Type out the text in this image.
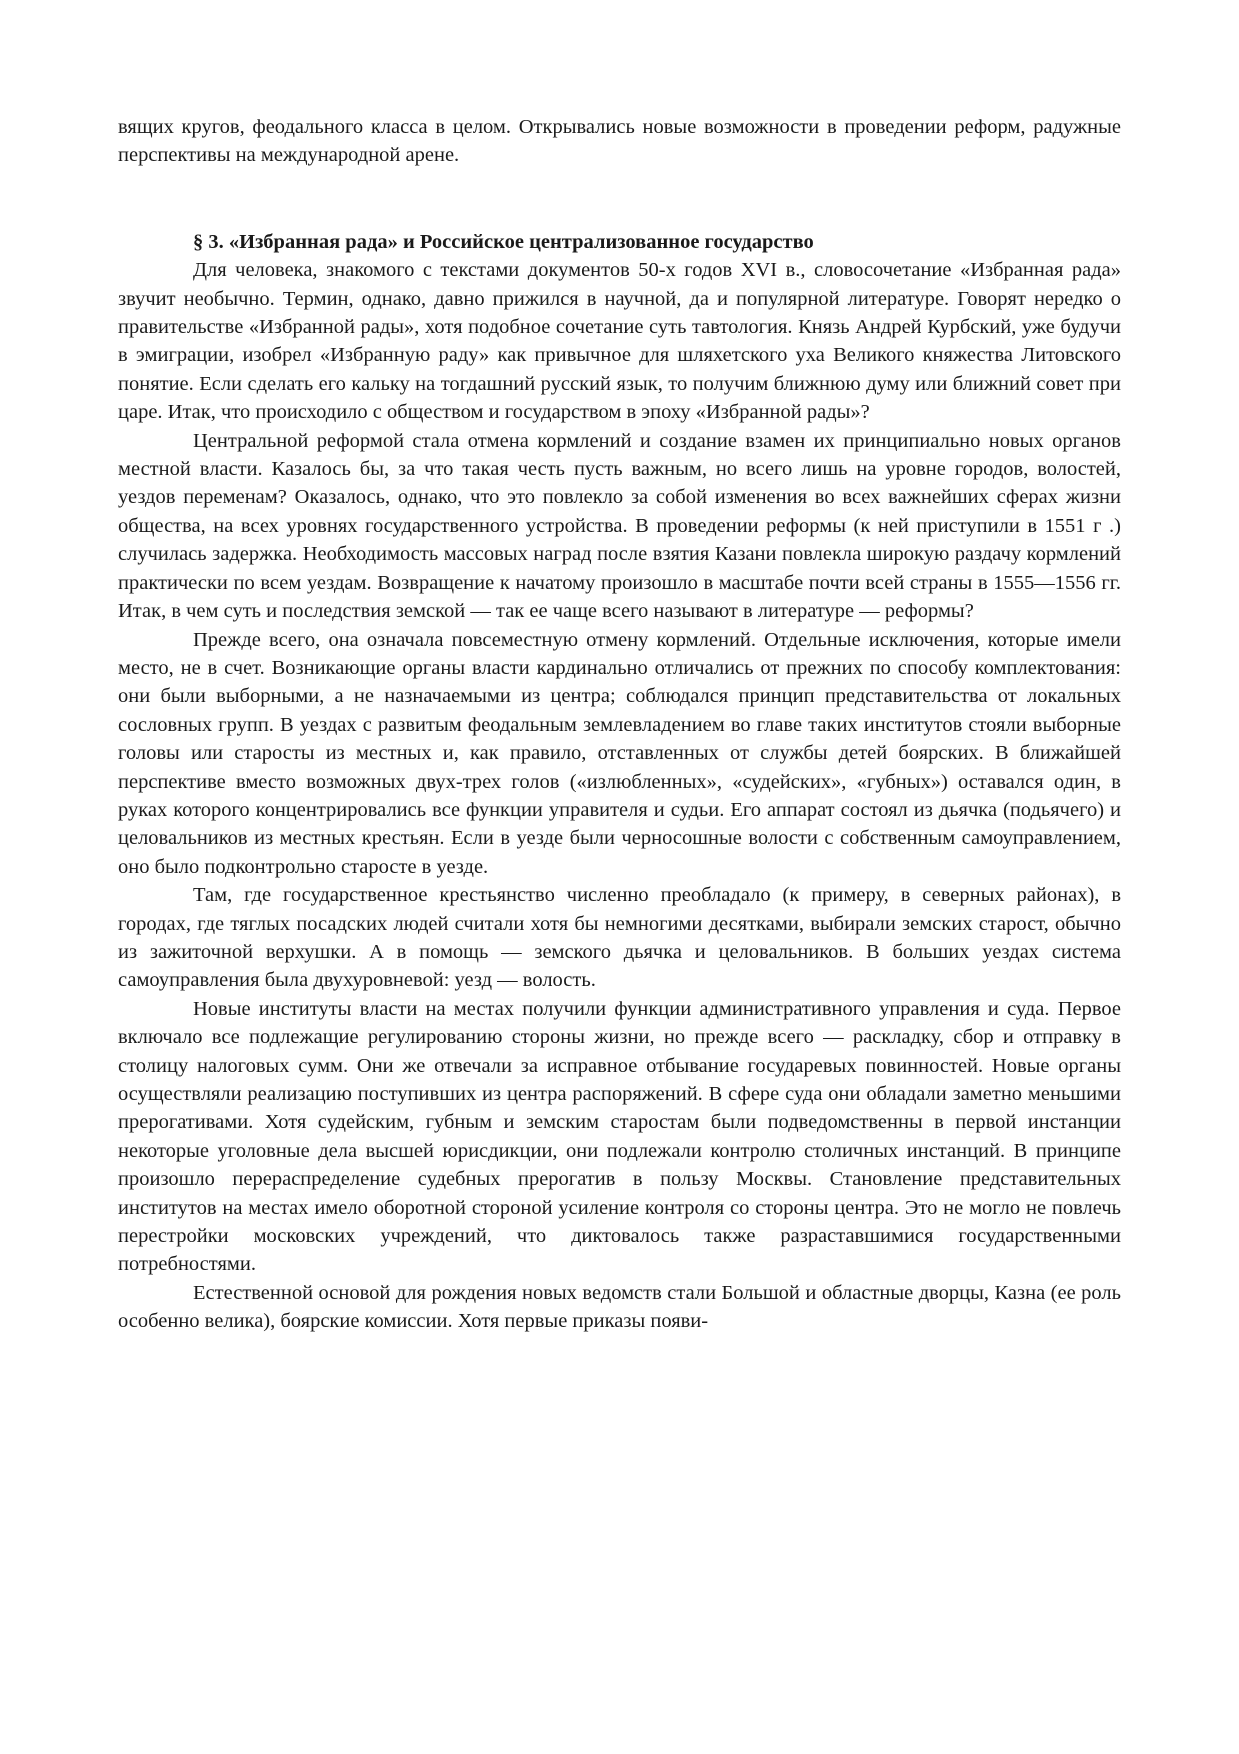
вящих кругов, феодального класса в целом. Открывались новые возможности в проведении реформ, радужные перспективы на международной арене.

§ 3. «Избранная рада» и Российское централизованное государство

Для человека, знакомого с текстами документов 50-х годов XVI в., словосочетание «Избранная рада» звучит необычно. Термин, однако, давно прижился в научной, да и популярной литературе. Говорят нередко о правительстве «Избранной рады», хотя подобное сочетание суть тавтология. Князь Андрей Курбский, уже будучи в эмиграции, изобрел «Избранную раду» как привычное для шляхетского уха Великого княжества Литовского понятие. Если сделать его кальку на тогдашний русский язык, то получим ближнюю думу или ближний совет при царе. Итак, что происходило с обществом и государством в эпоху «Избранной рады»?

Центральной реформой стала отмена кормлений и создание взамен их принципиально новых органов местной власти. Казалось бы, за что такая честь пусть важным, но всего лишь на уровне городов, волостей, уездов переменам? Оказалось, однако, что это повлекло за собой изменения во всех важнейших сферах жизни общества, на всех уровнях государственного устройства. В проведении реформы (к ней приступили в 1551 г .) случилась задержка. Необходимость массовых наград после взятия Казани повлекла широкую раздачу кормлений практически по всем уездам. Возвращение к начатому произошло в масштабе почти всей страны в 1555—1556 гг. Итак, в чем суть и последствия земской — так ее чаще всего называют в литературе — реформы?

Прежде всего, она означала повсеместную отмену кормлений. Отдельные исключения, которые имели место, не в счет. Возникающие органы власти кардинально отличались от прежних по способу комплектования: они были выборными, а не назначаемыми из центра; соблюдался принцип представительства от локальных сословных групп. В уездах с развитым феодальным землевладением во главе таких институтов стояли выборные головы или старосты из местных и, как правило, отставленных от службы детей боярских. В ближайшей перспективе вместо возможных двух-трех голов («излюбленных», «судейских», «губных») оставался один, в руках которого концентрировались все функции управителя и судьи. Его аппарат состоял из дьячка (подьячего) и целовальников из местных крестьян. Если в уезде были черносошные волости с собственным самоуправлением, оно было подконтрольно старосте в уезде.

Там, где государственное крестьянство численно преобладало (к примеру, в северных районах), в городах, где тяглых посадских людей считали хотя бы немногими десятками, выбирали земских старост, обычно из зажиточной верхушки. А в помощь — земского дьячка и целовальников. В больших уездах система самоуправления была двухуровневой: уезд — волость.

Новые институты власти на местах получили функции административного управления и суда. Первое включало все подлежащие регулированию стороны жизни, но прежде всего — раскладку, сбор и отправку в столицу налоговых сумм. Они же отвечали за исправное отбывание государевых повинностей. Новые органы осуществляли реализацию поступивших из центра распоряжений. В сфере суда они обладали заметно меньшими прерогативами. Хотя судейским, губным и земским старостам были подведомственны в первой инстанции некоторые уголовные дела высшей юрисдикции, они подлежали контролю столичных инстанций. В принципе произошло перераспределение судебных прерогатив в пользу Москвы. Становление представительных институтов на местах имело оборотной стороной усиление контроля со стороны центра. Это не могло не повлечь перестройки московских учреждений, что диктовалось также разраставшимися государственными потребностями.

Естественной основой для рождения новых ведомств стали Большой и областные дворцы, Казна (ее роль особенно велика), боярские комиссии. Хотя первые приказы появи-
